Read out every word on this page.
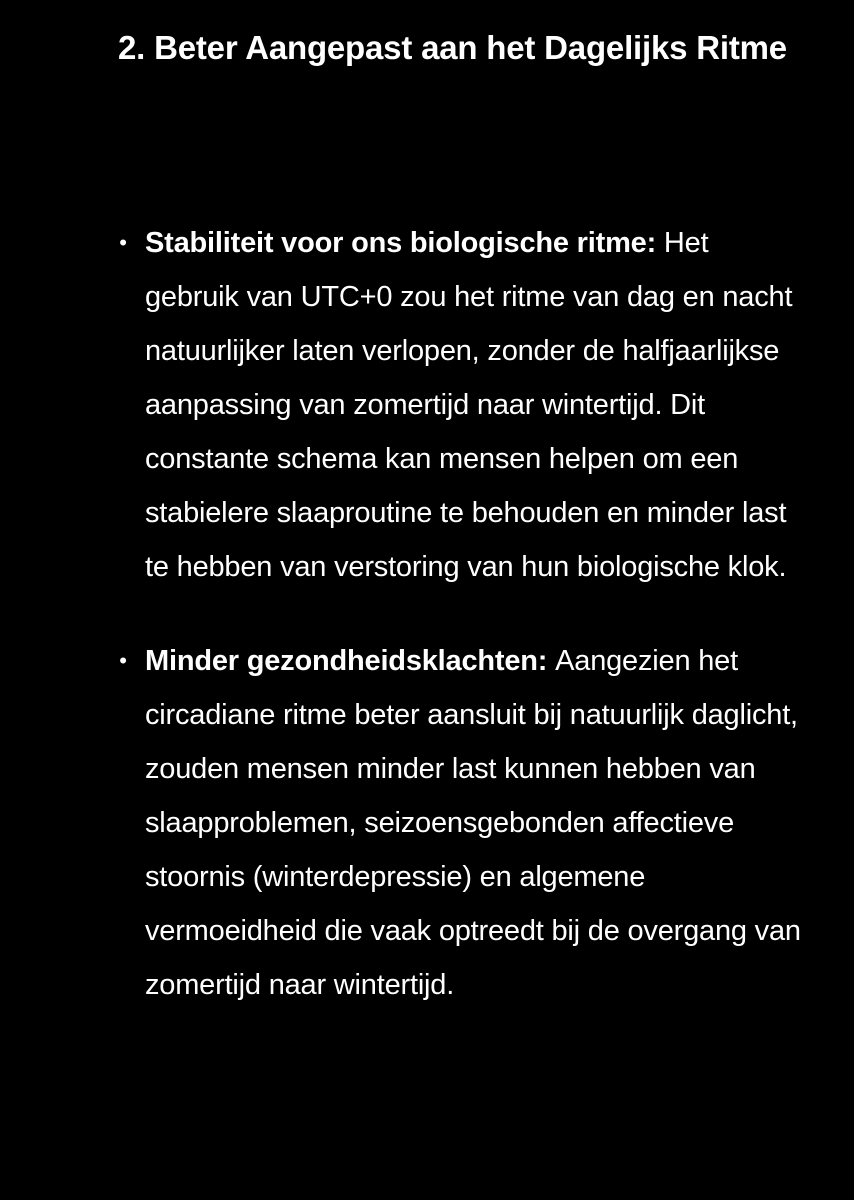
2. Beter Aangepast aan het Dagelijks Ritme
• Stabiliteit voor ons biologische ritme: Het gebruik van UTC+0 zou het ritme van dag en nacht natuurlijker laten verlopen, zonder de halfjaarlijkse aanpassing van zomertijd naar wintertijd. Dit constante schema kan mensen helpen om een stabielere slaaproutine te behouden en minder last te hebben van verstoring van hun biologische klok.
• Minder gezondheidsklachten: Aangezien het circadiane ritme beter aansluit bij natuurlijk daglicht, zouden mensen minder last kunnen hebben van slaapproblemen, seizoensgebonden affectieve stoornis (winterdepressie) en algemene vermoeidheid die vaak optreedt bij de overgang van zomertijd naar wintertijd.
